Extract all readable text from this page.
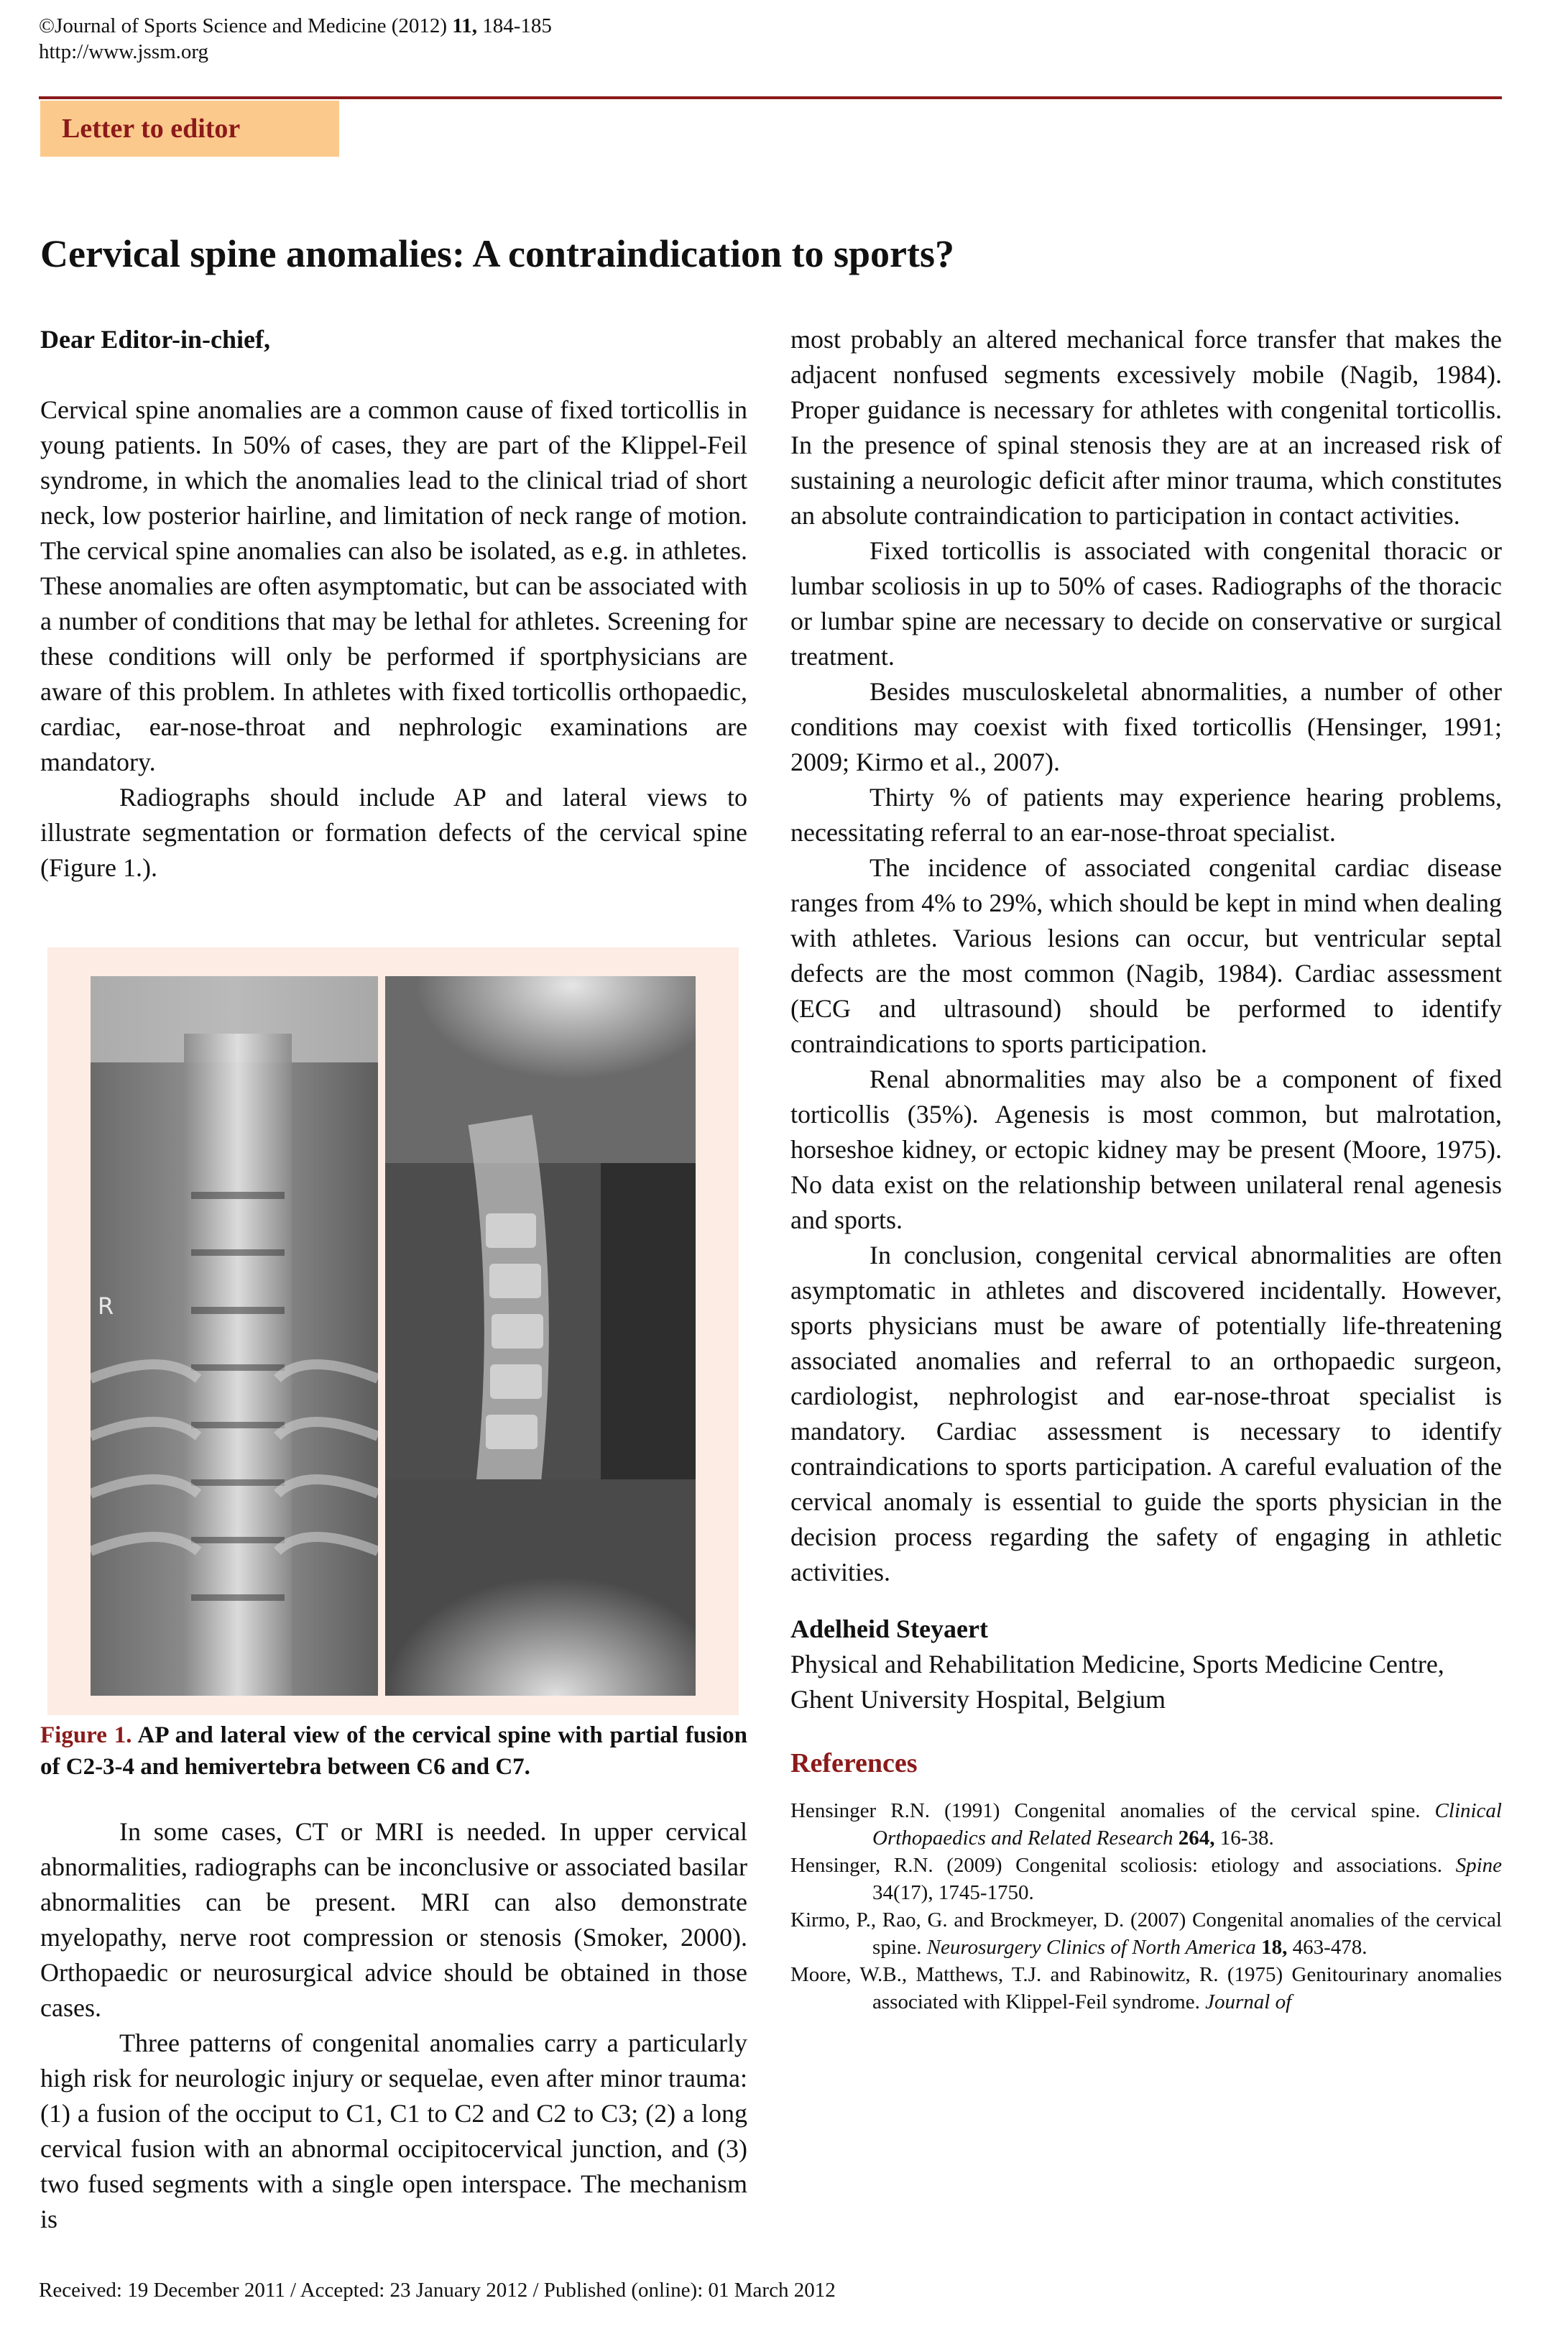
©Journal of Sports Science and Medicine (2012) 11, 184-185
http://www.jssm.org
Letter to editor
Cervical spine anomalies: A contraindication to sports?

Dear Editor-in-chief,

Cervical spine anomalies are a common cause of fixed torticollis in young patients. In 50% of cases, they are part of the Klippel-Feil syndrome, in which the anomalies lead to the clinical triad of short neck, low posterior hairline, and limitation of neck range of motion. The cervical spine anomalies can also be isolated, as e.g. in athletes. These anomalies are often asymptomatic, but can be associated with a number of conditions that may be lethal for athletes. Screening for these conditions will only be performed if sportphysicians are aware of this problem. In athletes with fixed torticollis orthopaedic, cardiac, ear-nose-throat and nephrologic examinations are mandatory.

Radiographs should include AP and lateral views to illustrate segmentation or formation defects of the cervical spine (Figure 1.).

R
Figure 1. AP and lateral view of the cervical spine with partial fusion of C2-3-4 and hemivertebra between C6 and C7.

In some cases, CT or MRI is needed. In upper cervical abnormalities, radiographs can be inconclusive or associated basilar abnormalities can be present. MRI can also demonstrate myelopathy, nerve root compression or stenosis (Smoker, 2000). Orthopaedic or neurosurgical advice should be obtained in those cases.

Three patterns of congenital anomalies carry a particularly high risk for neurologic injury or sequelae, even after minor trauma: (1) a fusion of the occiput to C1, C1 to C2 and C2 to C3; (2) a long cervical fusion with an abnormal occipitocervical junction, and (3) two fused segments with a single open interspace. The mechanism is

most probably an altered mechanical force transfer that makes the adjacent nonfused segments excessively mobile (Nagib, 1984). Proper guidance is necessary for athletes with congenital torticollis. In the presence of spinal stenosis they are at an increased risk of sustaining a neurologic deficit after minor trauma, which constitutes an absolute contraindication to participation in contact activities.

Fixed torticollis is associated with congenital thoracic or lumbar scoliosis in up to 50% of cases. Radiographs of the thoracic or lumbar spine are necessary to decide on conservative or surgical treatment.

Besides musculoskeletal abnormalities, a number of other conditions may coexist with fixed torticollis (Hensinger, 1991; 2009; Kirmo et al., 2007).

Thirty % of patients may experience hearing problems, necessitating referral to an ear-nose-throat specialist.

The incidence of associated congenital cardiac disease ranges from 4% to 29%, which should be kept in mind when dealing with athletes. Various lesions can occur, but ventricular septal defects are the most common (Nagib, 1984). Cardiac assessment (ECG and ultrasound) should be performed to identify contraindications to sports participation.

Renal abnormalities may also be a component of fixed torticollis (35%). Agenesis is most common, but malrotation, horseshoe kidney, or ectopic kidney may be present (Moore, 1975). No data exist on the relationship between unilateral renal agenesis and sports.

In conclusion, congenital cervical abnormalities are often asymptomatic in athletes and discovered incidentally. However, sports physicians must be aware of potentially life-threatening associated anomalies and referral to an orthopaedic surgeon, cardiologist, nephrologist and ear-nose-throat specialist is mandatory. Cardiac assessment is necessary to identify contraindications to sports participation. A careful evaluation of the cervical anomaly is essential to guide the sports physician in the decision process regarding the safety of engaging in athletic activities.

Adelheid Steyaert

Physical and Rehabilitation Medicine, Sports Medicine Centre, Ghent University Hospital, Belgium

References

Hensinger R.N. (1991) Congenital anomalies of the cervical spine. Clinical Orthopaedics and Related Research 264, 16-38.

Hensinger, R.N. (2009) Congenital scoliosis: etiology and associations. Spine 34(17), 1745-1750.

Kirmo, P., Rao, G. and Brockmeyer, D. (2007) Congenital anomalies of the cervical spine. Neurosurgery Clinics of North America 18, 463-478.

Moore, W.B., Matthews, T.J. and Rabinowitz, R. (1975) Genitourinary anomalies associated with Klippel-Feil syndrome. Journal of

Received: 19 December 2011 / Accepted: 23 January 2012 / Published (online): 01 March 2012
